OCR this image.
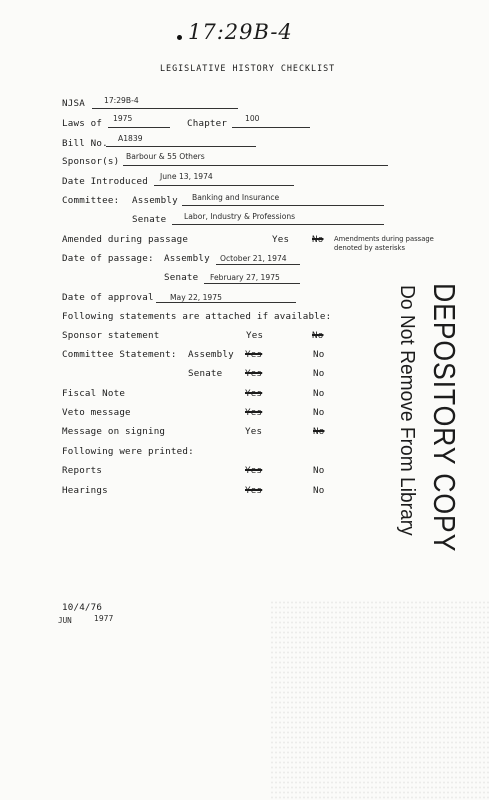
17:29B-4
LEGISLATIVE HISTORY CHECKLIST
NJSA	17:29B-4
Laws of 1975	Chapter 100
Bill No. A1839
Sponsor(s) Barbour & 55 Others
Date Introduced June 13, 1974
Committee: Assembly Banking and Insurance
Senate Labor, Industry & Professions
Amended during passage	Yes No Amendments during passage
denoted by asterisks
Date of passage: Assembly October 21, 1974
Senate February 27, 1975
Date of approval May 22, 1975
Following statements are attached if available:
Sponsor statement	Yes	No
Committee Statement: Assembly Yes	No
Senate Yes	No
Fiscal Note	Yes	No
Veto message	Yes	No
Message on signing	Yes	No
Following were printed:
Reports	Yes	No
Hearings	Yes	No	DEPOSITORY COPY
Do Not Remove From Library
10/4/76
JUN	1977
